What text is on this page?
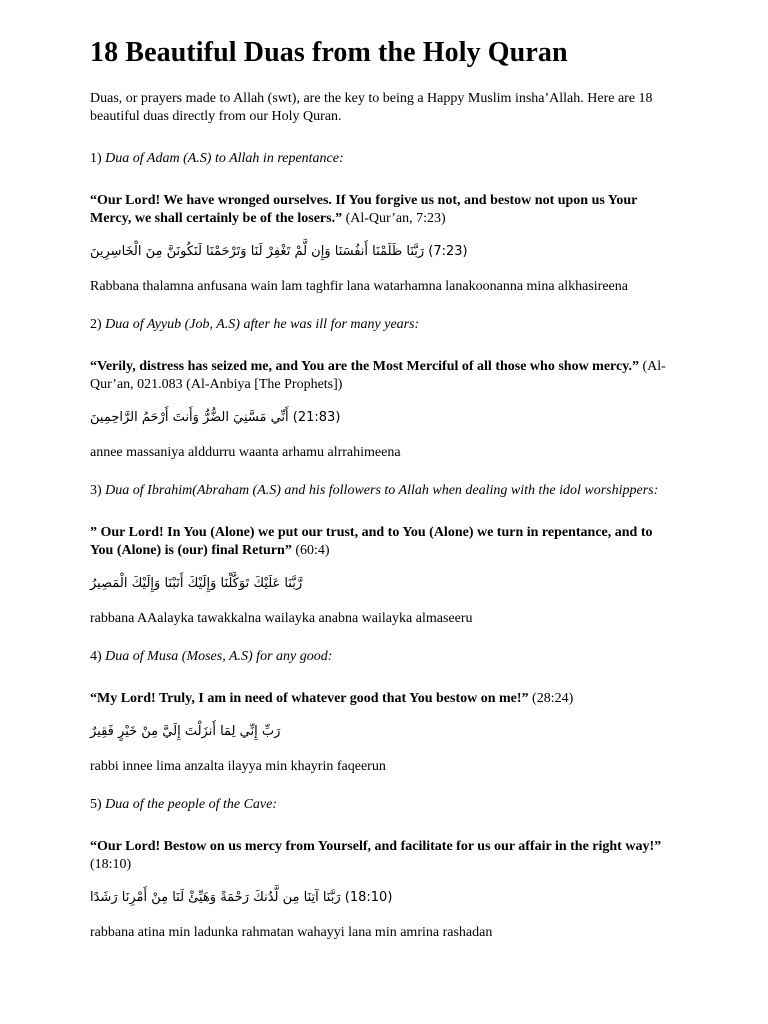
18 Beautiful Duas from the Holy Quran

Duas, or prayers made to Allah (swt), are the key to being a Happy Muslim insha’Allah. Here are 18 beautiful duas directly from our Holy Quran.

1) Dua of Adam (A.S) to Allah in repentance:

“Our Lord! We have wronged ourselves. If You forgive us not, and bestow not upon us Your Mercy, we shall certainly be of the losers.” (Al-Qur’an, 7:23)

(7:23) رَبَّنَا ظَلَمْنَا أَنفُسَنَا وَإِن لَّمْ تَغْفِرْ لَنَا وَتَرْحَمْنَا لَنَكُونَنَّ مِنَ الْخَاسِرِينَ

Rabbana thalamna anfusana wain lam taghfir lana watarhamna lanakoonanna mina alkhasireena

2) Dua of Ayyub (Job, A.S) after he was ill for many years:

“Verily, distress has seized me, and You are the Most Merciful of all those who show mercy.” (Al-Qur’an, 021.083 (Al-Anbiya [The Prophets])

(21:83) أَنِّي مَسَّنِيَ الضُّرُّ وَأَنتَ أَرْحَمُ الرَّاحِمِينَ

annee massaniya alddurru waanta arhamu alrrahimeena

3) Dua of Ibrahim(Abraham (A.S) and his followers to Allah when dealing with the idol worshippers:

” Our Lord! In You (Alone) we put our trust, and to You (Alone) we turn in repentance, and to You (Alone) is (our) final Return” (60:4)

رَّبَّنَا عَلَيْكَ تَوَكَّلْنَا وَإِلَيْكَ أَنَبْنَا وَإِلَيْكَ الْمَصِيرُ

rabbana AAalayka tawakkalna wailayka anabna wailayka almaseeru

4) Dua of Musa (Moses, A.S) for any good:

“My Lord! Truly, I am in need of whatever good that You bestow on me!” (28:24)

رَبِّ إِنِّي لِمَا أَنزَلْتَ إِلَيَّ مِنْ خَيْرٍ فَقِيرٌ

rabbi innee lima anzalta ilayya min khayrin faqeerun

5) Dua of the people of the Cave:

“Our Lord! Bestow on us mercy from Yourself, and facilitate for us our affair in the right way!” (18:10)

(18:10) رَبَّنَا آتِنَا مِن لَّدُنكَ رَحْمَةً وَهَيِّئْ لَنَا مِنْ أَمْرِنَا رَشَدًا

rabbana atina min ladunka rahmatan wahayyi lana min amrina rashadan
